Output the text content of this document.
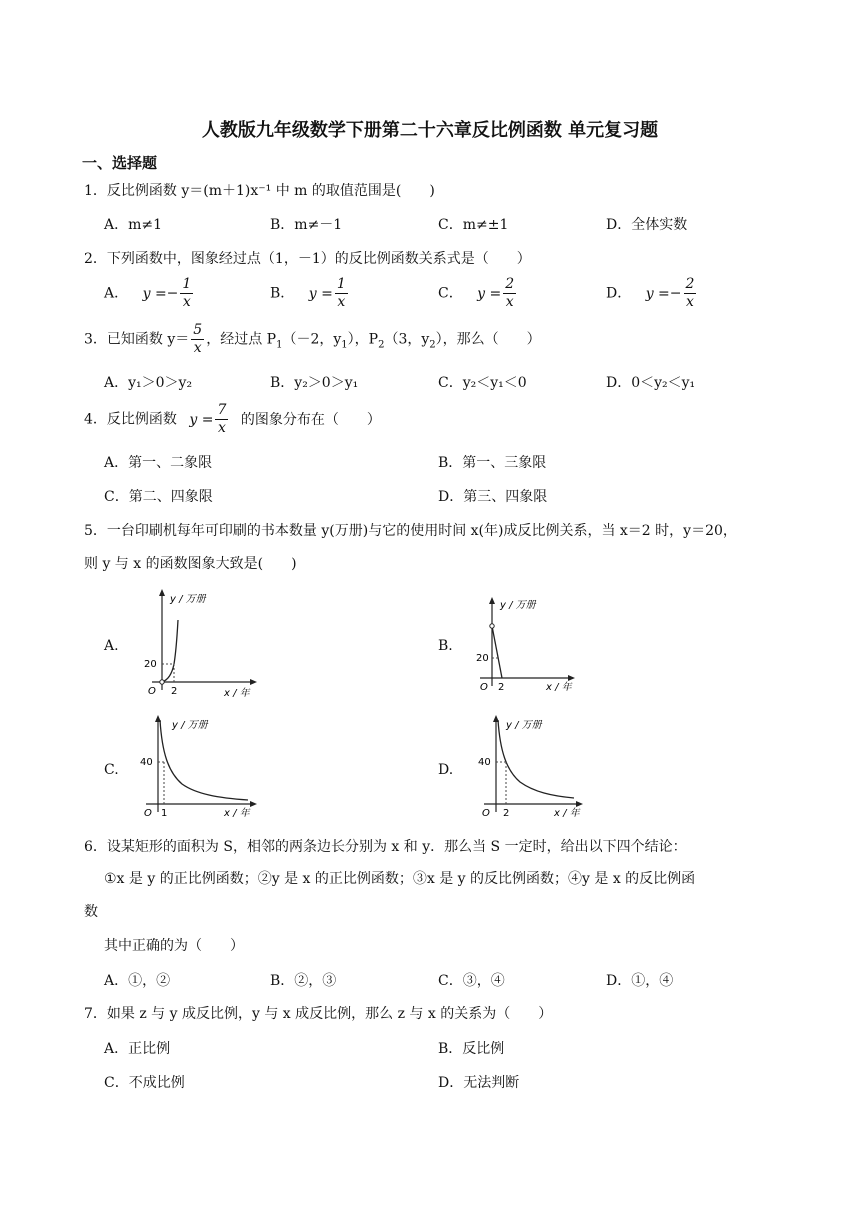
人教版九年级数学下册第二十六章反比例函数 单元复习题
一、选择题
1．反比例函数 y＝(m＋1)x⁻¹ 中 m 的取值范围是(　　)
A．m≠1	B．m≠－1	C．m≠±1	D．全体实数
2．下列函数中，图象经过点（1，－1）的反比例函数关系式是（　　）
A． $y =- \frac{1}{x}$	B． $y = \frac{1}{x}$	C． $y = \frac{2}{x}$	D． $y =- \frac{2}{x}$
3．已知函数 $y= \frac{5}{x}$ ，经过点 $P_1(-2$，$y_1$），$P_2(3$，$y_2$），那么（　　）
A．y₁＞0＞y₂	B．y₂＞0＞y₁	C．y₂＜y₁＜0	D．0＜y₂＜y₁
4．反比例函数 $y = \frac{7}{x}$ 的图象分布在（　　）
A．第一、二象限	B．第一、三象限
C．第二、四象限	D．第三、四象限
5．一台印刷机每年可印刷的书本数量 y(万册)与它的使用时间 x(年)成反比例关系，当 x＝2 时，y＝20，
则 y 与 x 的函数图象大致是(　　)
A.	B.
C.	D.
y / 万册
x / 年
20
2
O
y / 万册
x / 年
20
2
O
y / 万册
x / 年
40
1
O
y / 万册
x / 年
40
2
O
6．设某矩形的面积为 S，相邻的两条边长分别为 x 和 y．那么当 S 一定时，给出以下四个结论：
①x 是 y 的正比例函数；②y 是 x 的正比例函数；③x 是 y 的反比例函数；④y 是 x 的反比例函
数
其中正确的为（　　）
A．①，②	B．②，③	C．③，④	D．①，④
7．如果 z 与 y 成反比例，y 与 x 成反比例，那么 z 与 x 的关系为（　　）
A．正比例	B．反比例
C．不成比例	D．无法判断
